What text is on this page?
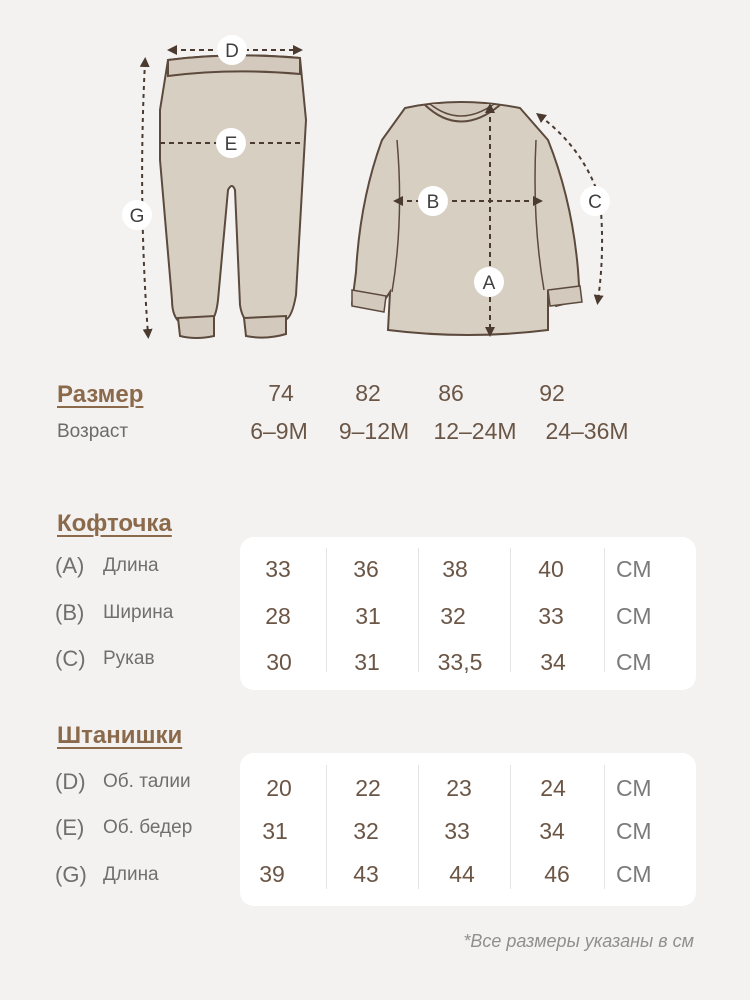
D
E
G
B
A
C
Размер
Возраст
74	82 86	92
6–9M 9–12M 12–24M 24–36M
Кофточка
(A) Длина	33	36	38	40 СМ
(B) Ширина	28	31	32	33 СМ
(C) Рукав	30	31	33,5	34 СМ
Штанишки
(D) Об. талии	20	22	23	24 СМ
(E) Об. бедер	31	32	33	34 СМ
(G) Длина	39	43	44	46 СМ
*Все размеры указаны в см
